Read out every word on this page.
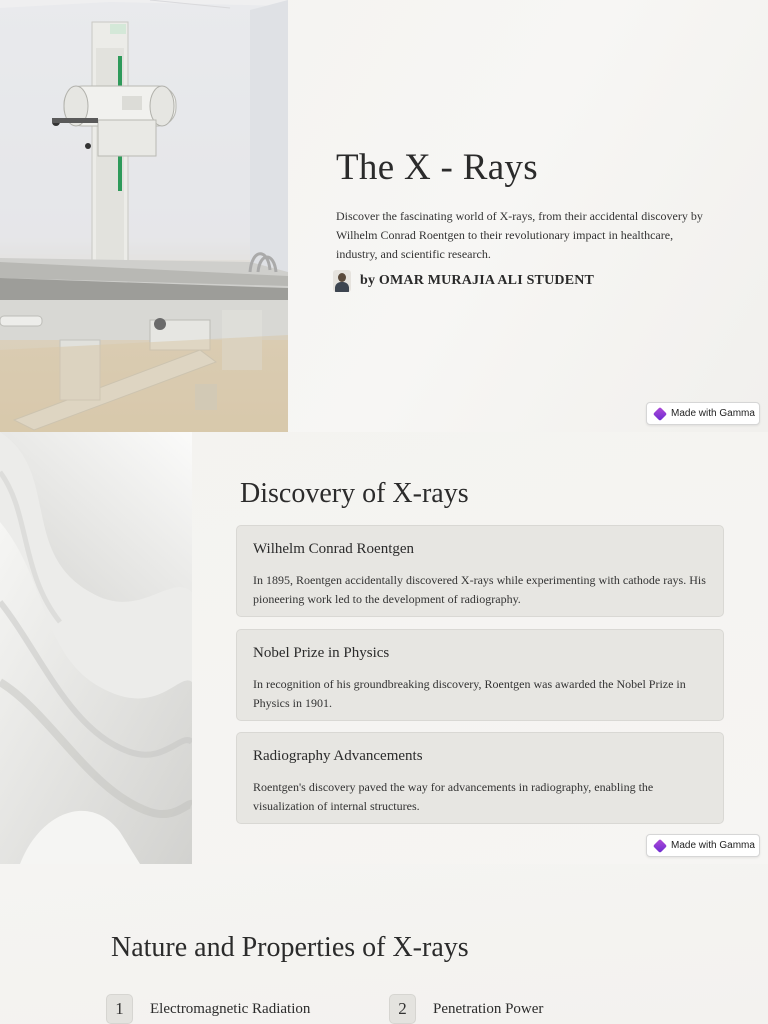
The X - Rays

Discover the fascinating world of X-rays, from their accidental discovery by Wilhelm Conrad Roentgen to their revolutionary impact in healthcare, industry, and scientific research.

by OMAR MURAJIA ALI STUDENT
Made with Gamma
Discovery of X-rays
Wilhelm Conrad Roentgen
In 1895, Roentgen accidentally discovered X-rays while experimenting with cathode rays. His pioneering work led to the development of radiography.
Nobel Prize in Physics
In recognition of his groundbreaking discovery, Roentgen was awarded the Nobel Prize in Physics in 1901.
Radiography Advancements
Roentgen's discovery paved the way for advancements in radiography, enabling the visualization of internal structures.
Made with Gamma
Nature and Properties of X-rays
1	Electromagnetic Radiation	2	Penetration Power
